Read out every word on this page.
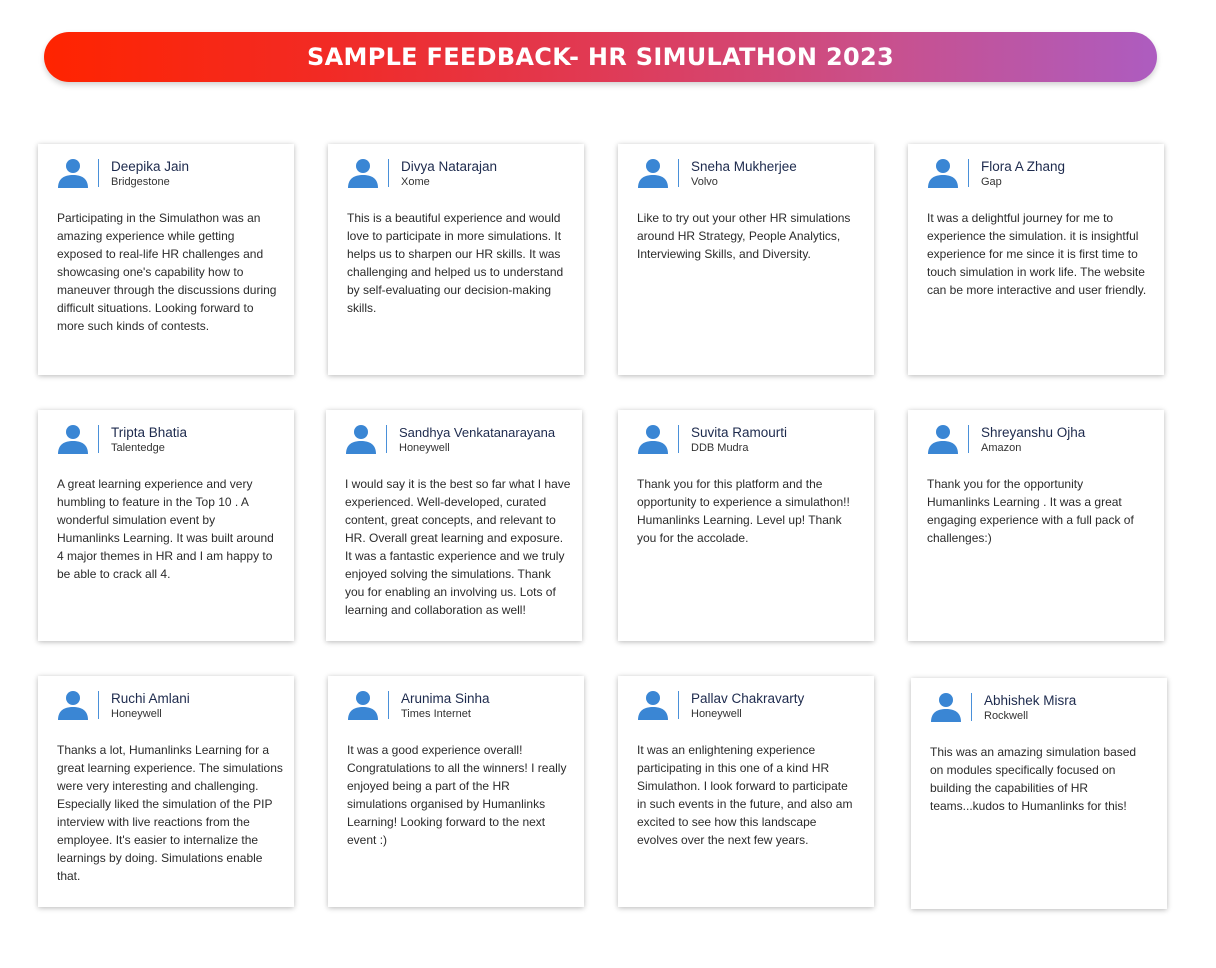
SAMPLE FEEDBACK- HR SIMULATHON 2023
Deepika Jain
Bridgestone
Participating in the Simulathon was an amazing experience while getting exposed to real-life HR challenges and showcasing one's capability how to maneuver through the discussions during difficult situations. Looking forward to more such kinds of contests.
Divya Natarajan
Xome
This is a beautiful experience and would love to participate in more simulations. It helps us to sharpen our HR skills. It was challenging and helped us to understand by self-evaluating our decision-making skills.
Sneha Mukherjee
Volvo
Like to try out your other HR simulations around HR Strategy, People Analytics, Interviewing Skills, and Diversity.
Flora A Zhang
Gap
It was a delightful journey for me to experience the simulation. it is insightful experience for me since it is first time to touch simulation in work life. The website can be more interactive and user friendly.
Tripta Bhatia
Talentedge
A great learning experience and very humbling to feature in the Top 10 . A wonderful simulation event by Humanlinks Learning. It was built around 4 major themes in HR and I am happy to be able to crack all 4.
Sandhya Venkatanarayana
Honeywell
I would say it is the best so far what I have experienced. Well-developed, curated content, great concepts, and relevant to HR. Overall great learning and exposure. It was a fantastic experience and we truly enjoyed solving the simulations. Thank you for enabling an involving us. Lots of learning and collaboration as well!
Suvita Ramourti
DDB Mudra
Thank you for this platform and the opportunity to experience a simulathon!! Humanlinks Learning. Level up! Thank you for the accolade.
Shreyanshu Ojha
Amazon
Thank you for the opportunity Humanlinks Learning . It was a great engaging experience with a full pack of challenges:)
Ruchi Amlani
Honeywell
Thanks a lot, Humanlinks Learning for a great learning experience. The simulations were very interesting and challenging. Especially liked the simulation of the PIP interview with live reactions from the employee. It's easier to internalize the learnings by doing. Simulations enable that.
Arunima Sinha
Times Internet
It was a good experience overall! Congratulations to all the winners! I really enjoyed being a part of the HR simulations organised by Humanlinks Learning! Looking forward to the next event :)
Pallav Chakravarty
Honeywell
It was an enlightening experience participating in this one of a kind HR Simulathon. I look forward to participate in such events in the future, and also am excited to see how this landscape evolves over the next few years.
Abhishek Misra
Rockwell
This was an amazing simulation based on modules specifically focused on building the capabilities of HR teams...kudos to Humanlinks for this!
